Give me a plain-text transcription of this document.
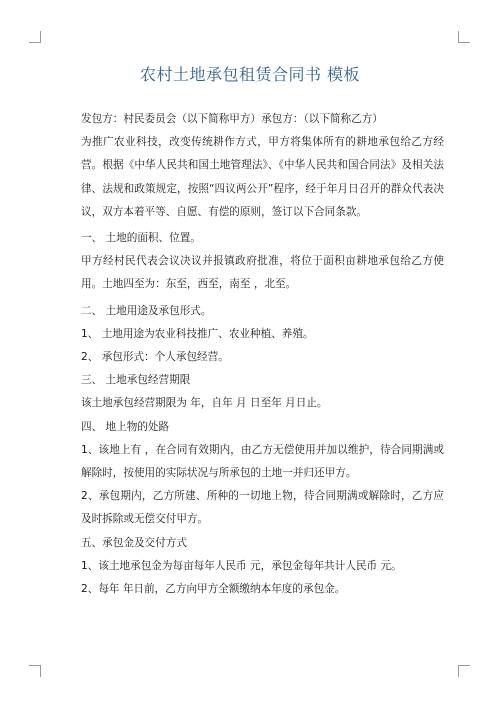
农村土地承包租赁合同书 模板

发包方：村民委员会（以下简称甲方）承包方：（以下简称乙方）

为推广农业科技，改变传统耕作方式，甲方将集体所有的耕地承包给乙方经营。根据《中华人民共和国土地管理法》、《中华人民共和国合同法》及相关法律、法规和政策规定，按照“四议两公开”程序，经于年月日召开的群众代表决议，双方本着平等、自愿、有偿的原则，签订以下合同条款。

一、 土地的面积、位置。

甲方经村民代表会议决议并报镇政府批准，将位于面积亩耕地承包给乙方使用。土地四至为：东至，西至，南至 ，北至。

二、 土地用途及承包形式。

1、 土地用途为农业科技推广、农业种植、养殖。

2、 承包形式：个人承包经营。

三、 土地承包经营期限

该土地承包经营期限为 年，自年 月 日至年 月日止。

四、 地上物的处路

1、该地上有 ，在合同有效期内，由乙方无偿使用并加以维护，待合同期满或解除时，按使用的实际状况与所承包的土地一并归还甲方。

2、承包期内，乙方所建、所种的一切地上物，待合同期满或解除时，乙方应及时拆除或无偿交付甲方。

五、承包金及交付方式

1、该土地承包金为每亩每年人民币 元，承包金每年共计人民币 元。

2、每年 年日前，乙方向甲方全额缴纳本年度的承包金。
